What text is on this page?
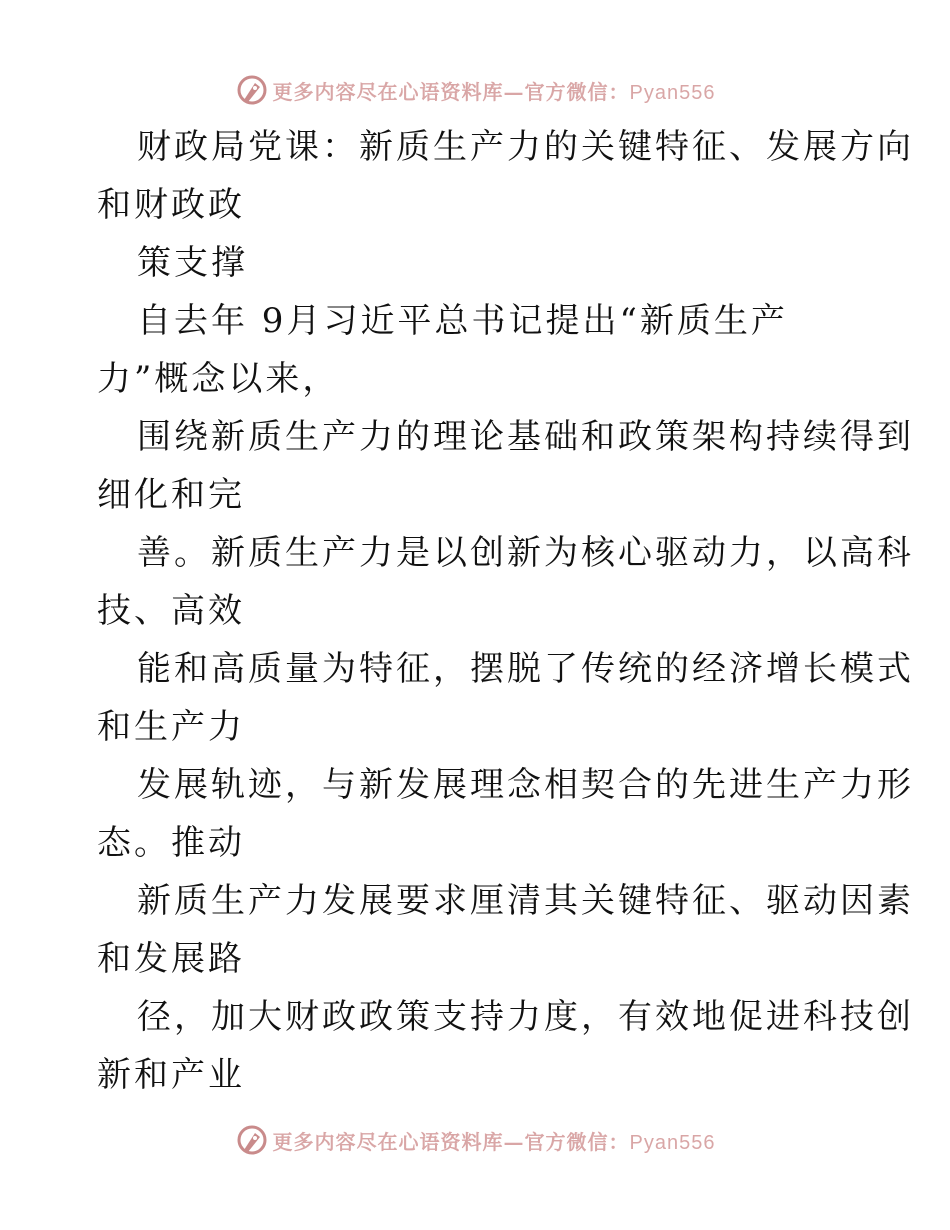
更多内容尽在心语资料库—官方微信：Pyan556
财政局党课：新质生产力的关键特征、发展方向
和财政政
策支撑
自去年 9月习近平总书记提出“新质生产
力”概念以来，
围绕新质生产力的理论基础和政策架构持续得到
细化和完
善。新质生产力是以创新为核心驱动力，以高科
技、高效
能和高质量为特征，摆脱了传统的经济增长模式
和生产力
发展轨迹，与新发展理念相契合的先进生产力形
态。推动
新质生产力发展要求厘清其关键特征、驱动因素
和发展路
径，加大财政政策支持力度，有效地促进科技创
新和产业
更多内容尽在心语资料库—官方微信：Pyan556
